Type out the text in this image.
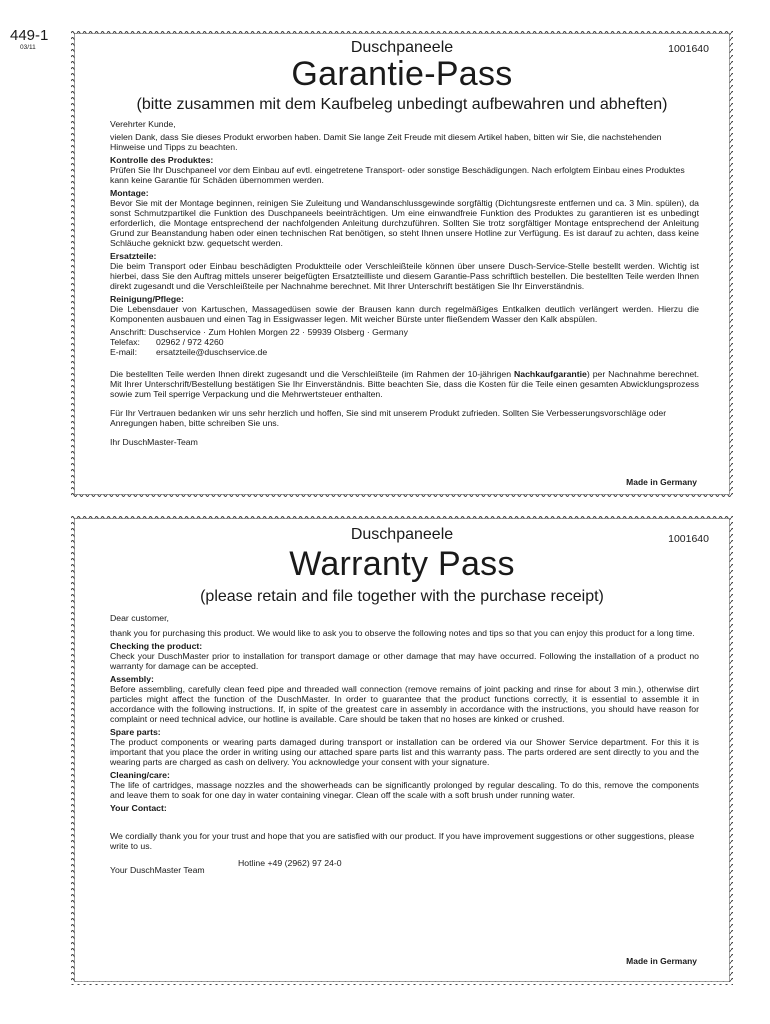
449-1
03/11	Duschpaneele	1001640
Garantie-Pass
(bitte zusammen mit dem Kaufbeleg unbedingt aufbewahren und abheften)

Verehrter Kunde,

vielen Dank, dass Sie dieses Produkt erworben haben. Damit Sie lange Zeit Freude mit diesem Artikel haben, bitten wir Sie, die nachstehenden Hinweise und Tipps zu beachten.

Kontrolle des Produktes:

Prüfen Sie Ihr Duschpaneel vor dem Einbau auf evtl. eingetretene Transport- oder sonstige Beschädigungen. Nach erfolgtem Einbau eines Produktes kann keine Garantie für Schäden übernommen werden.

Montage:

Bevor Sie mit der Montage beginnen, reinigen Sie Zuleitung und Wandanschlussgewinde sorgfältig (Dichtungsreste entfernen und ca. 3 Min. spülen), da sonst Schmutzpartikel die Funktion des Duschpaneels beeinträchtigen. Um eine einwandfreie Funktion des Produktes zu garantieren ist es unbedingt erforderlich, die Montage entsprechend der nachfolgenden Anleitung durchzuführen. Sollten Sie trotz sorgfältiger Montage entsprechend der Anleitung Grund zur Beanstandung haben oder einen technischen Rat benötigen, so steht Ihnen unsere Hotline zur Verfügung. Es ist darauf zu achten, dass keine Schläuche geknickt bzw. gequetscht werden.

Ersatzteile:

Die beim Transport oder Einbau beschädigten Produktteile oder Verschleißteile können über unsere Dusch-Service-Stelle bestellt werden. Wichtig ist hierbei, dass Sie den Auftrag mittels unserer beigefügten Ersatzteilliste und diesem Garantie-Pass schriftlich bestellen. Die bestellten Teile werden Ihnen direkt zugesandt und die Verschleißteile per Nachnahme berechnet. Mit Ihrer Unterschrift bestätigen Sie Ihr Einverständnis.

Reinigung/Pflege:

Die Lebensdauer von Kartuschen, Massagedüsen sowie der Brausen kann durch regelmäßiges Entkalken deutlich verlängert werden. Hierzu die Komponenten ausbauen und einen Tag in Essigwasser legen. Mit weicher Bürste unter fließendem Wasser den Kalk abspülen.

Anschrift: Duschservice · Zum Hohlen Morgen 22 · 59939 Olsberg · Germany
Telefax:	02962 / 972 4260
E-mail:	ersatzteile@duschservice.de

Die bestellten Teile werden Ihnen direkt zugesandt und die Verschleißteile (im Rahmen der 10-jährigen Nachkaufgarantie) per Nachnahme berechnet. Mit Ihrer Unterschrift/Bestellung bestätigen Sie Ihr Einverständnis. Bitte beachten Sie, dass die Kosten für die Teile einen gesamten Abwicklungsprozess sowie zum Teil sperrige Verpackung und die Mehrwertsteuer enthalten.

Für Ihr Vertrauen bedanken wir uns sehr herzlich und hoffen, Sie sind mit unserem Produkt zufrieden. Sollten Sie Verbesserungsvorschläge oder Anregungen haben, bitte schreiben Sie uns.

Ihr DuschMaster-Team

Made in Germany
Duschpaneele	1001640
Warranty Pass
(please retain and file together with the purchase receipt)

Dear customer,

thank you for purchasing this product. We would like to ask you to observe the following notes and tips so that you can enjoy this product for a long time.

Checking the product:

Check your DuschMaster prior to installation for transport damage or other damage that may have occurred. Following the installation of a product no warranty for damage can be accepted.

Assembly:

Before assembling, carefully clean feed pipe and threaded wall connection (remove remains of joint packing and rinse for about 3 min.), otherwise dirt particles might affect the function of the DuschMaster. In order to guarantee that the product functions correctly, it is essential to assemble it in accordance with the following instructions. If, in spite of the greatest care in assembly in accordance with the instructions, you should have reason for complaint or need technical advice, our hotline is available. Care should be taken that no hoses are kinked or crushed.

Spare parts:

The product components or wearing parts damaged during transport or installation can be ordered via our Shower Service department. For this it is important that you place the order in writing using our attached spare parts list and this warranty pass. The parts ordered are sent directly to you and the wearing parts are charged as cash on delivery. You acknowledge your consent with your signature.

Cleaning/care:

The life of cartridges, massage nozzles and the showerheads can be significantly prolonged by regular descaling. To do this, remove the components and leave them to soak for one day in water containing vinegar. Clean off the scale with a soft brush under running water.

Your Contact:

We cordially thank you for your trust and hope that you are satisfied with our product. If you have improvement suggestions or other suggestions, please write to us.

Your DuschMaster Team
Hotline +49 (2962) 97 24-0
Made in Germany
